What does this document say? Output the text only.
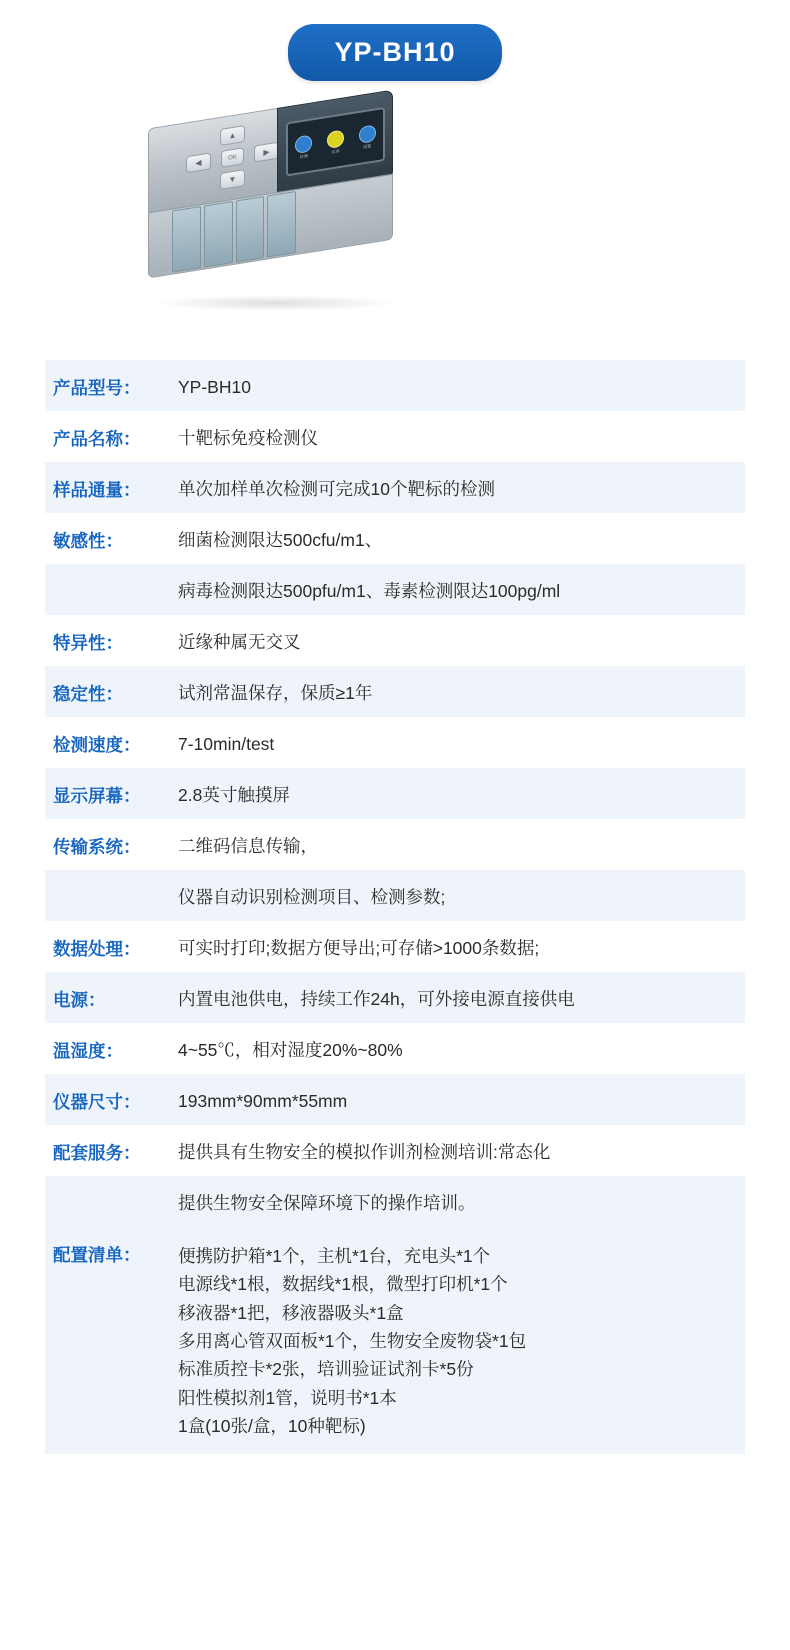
YP-BH10
▲
▼
◀
▶
OK	检测
记录
设置
产品型号：	YP-BH10
产品名称：	十靶标免疫检测仪
样品通量：	单次加样单次检测可完成10个靶标的检测
敏感性：	细菌检测限达500cfu/m1、
病毒检测限达500pfu/m1、毒素检测限达100pg/ml
特异性：	近缘种属无交叉
稳定性：	试剂常温保存，保质≥1年
检测速度：	7-10min/test
显示屏幕：	2.8英寸触摸屏
传输系统：	二维码信息传输，
仪器自动识别检测项目、检测参数;
数据处理：	可实时打印;数据方便导出;可存储>1000条数据;
电源：	内置电池供电，持续工作24h，可外接电源直接供电
温湿度：	4~55℃，相对湿度20%~80%
仪器尺寸：	193mm*90mm*55mm
配套服务：	提供具有生物安全的模拟作训剂检测培训:常态化
提供生物安全保障环境下的操作培训。
配置清单：	便携防护箱*1个，主机*1台，充电头*1个
电源线*1根，数据线*1根，微型打印机*1个
移液器*1把，移液器吸头*1盒
多用离心管双面板*1个，生物安全废物袋*1包
标准质控卡*2张，培训验证试剂卡*5份
阳性模拟剂1管，说明书*1本
1盒(10张/盒，10种靶标)
